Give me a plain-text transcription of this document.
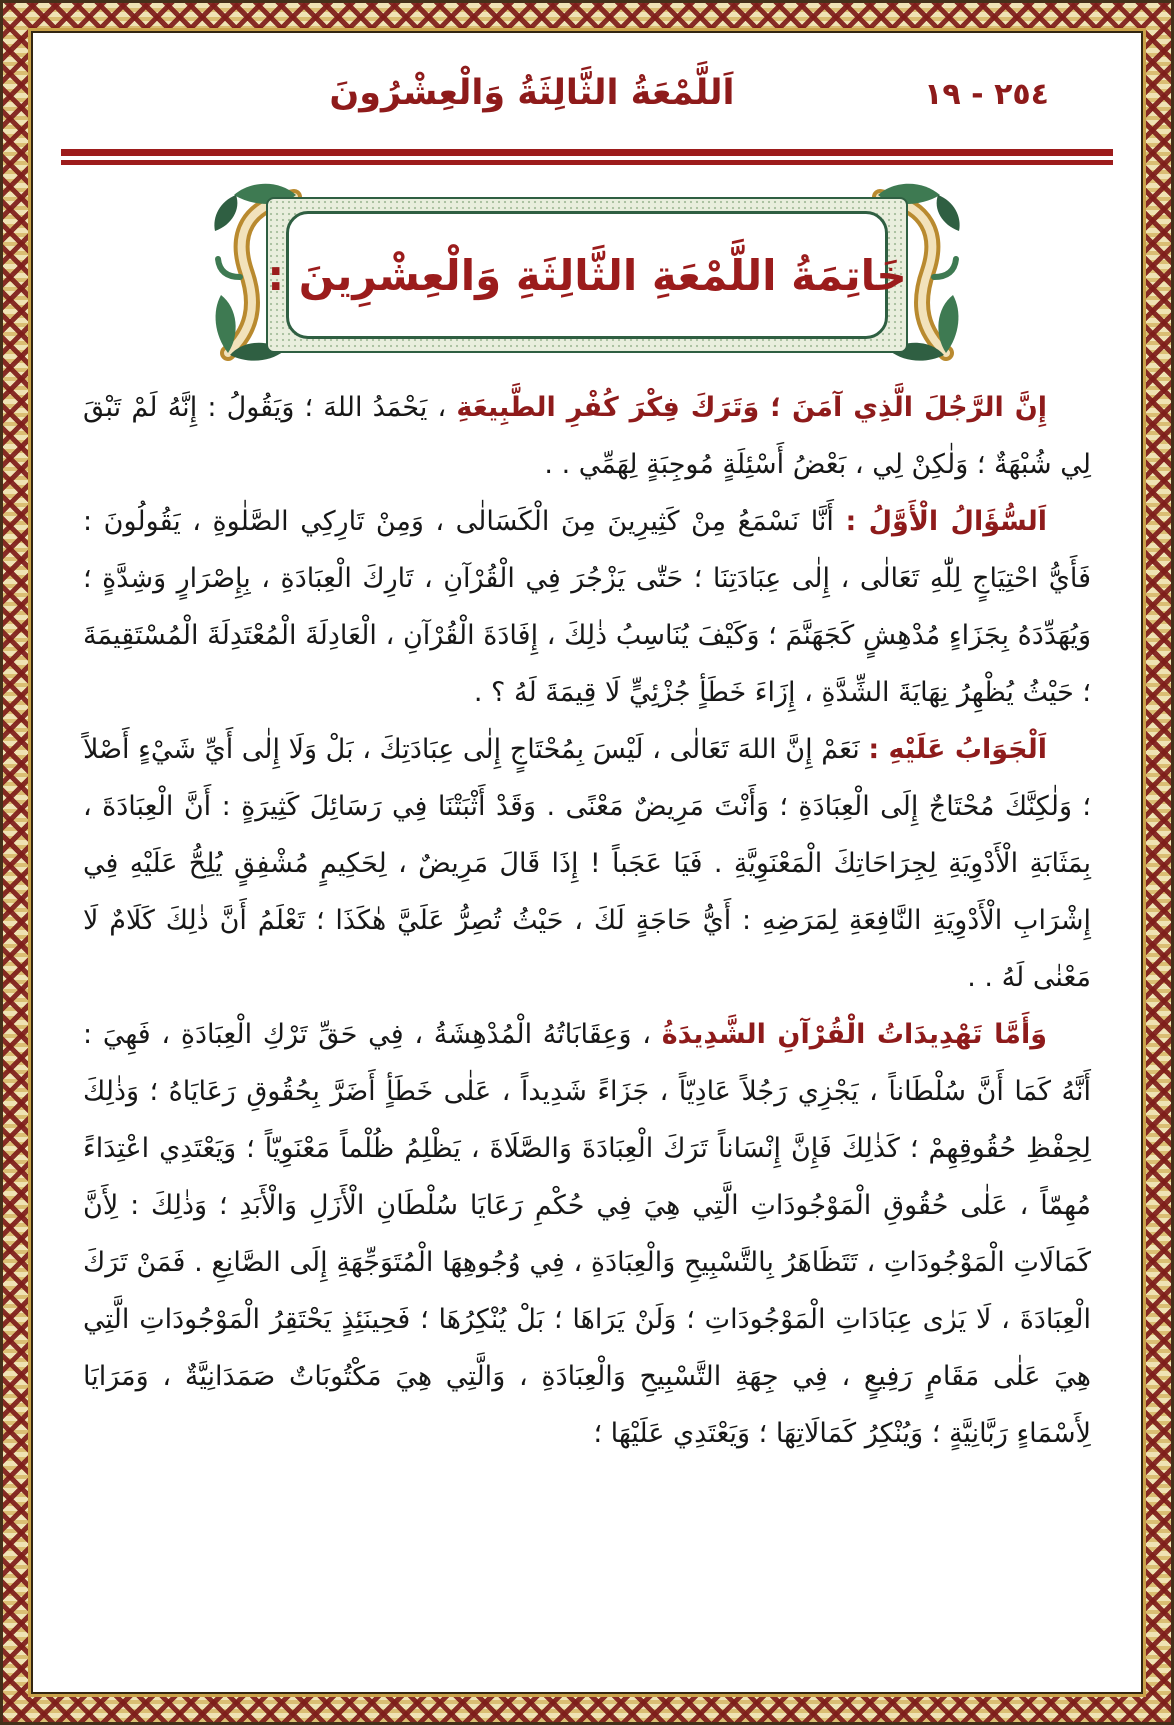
٢٥٤ - ١٩
اَللَّمْعَةُ الثَّالِثَةُ وَالْعِشْرُونَ
خَاتِمَةُ اللَّمْعَةِ الثَّالِثَةِ وَالْعِشْرِينَ :

إِنَّ الرَّجُلَ الَّذِي آمَنَ ؛ وَتَرَكَ فِكْرَ كُفْرِ الطَّبِيعَةِ ، يَحْمَدُ اللهَ ؛ وَيَقُولُ : إِنَّهُ لَمْ تَبْقَ لِي شُبْهَةٌ ؛ وَلٰكِنْ لِي ، بَعْضُ أَسْئِلَةٍ مُوجِبَةٍ لِهَمِّي . .

اَلسُّؤَالُ الْأَوَّلُ : أَنَّا نَسْمَعُ مِنْ كَثِيرِينَ مِنَ الْكَسَالٰى ، وَمِنْ تَارِكِي الصَّلٰوةِ ، يَقُولُونَ : فَأَيُّ احْتِيَاجٍ لِلّٰهِ تَعَالٰى ، إِلٰى عِبَادَتِنَا ؛ حَتّٰى يَزْجُرَ فِي الْقُرْآنِ ، تَارِكَ الْعِبَادَةِ ، بِإِصْرَارٍ وَشِدَّةٍ ؛ وَيُهَدِّدَهُ بِجَزَاءٍ مُدْهِشٍ كَجَهَنَّمَ ؛ وَكَيْفَ يُنَاسِبُ ذٰلِكَ ، إِفَادَةَ الْقُرْآنِ ، الْعَادِلَةَ الْمُعْتَدِلَةَ الْمُسْتَقِيمَةَ ؛ حَيْثُ يُظْهِرُ نِهَايَةَ الشِّدَّةِ ، إِزَاءَ خَطَأٍ جُزْئِيٍّ لَا قِيمَةَ لَهُ ؟ .

اَلْجَوَابُ عَلَيْهِ : نَعَمْ إِنَّ اللهَ تَعَالٰى ، لَيْسَ بِمُحْتَاجٍ إِلٰى عِبَادَتِكَ ، بَلْ وَلَا إِلٰى أَيِّ شَيْءٍ أَصْلاً ؛ وَلٰكِنَّكَ مُحْتَاجٌ إِلَى الْعِبَادَةِ ؛ وَأَنْتَ مَرِيضٌ مَعْنًى . وَقَدْ أَثْبَتْنَا فِي رَسَائِلَ كَثِيرَةٍ : أَنَّ الْعِبَادَةَ ، بِمَثَابَةِ الْأَدْوِيَةِ لِجِرَاحَاتِكَ الْمَعْنَوِيَّةِ . فَيَا عَجَباً ! إِذَا قَالَ مَرِيضٌ ، لِحَكِيمٍ مُشْفِقٍ يُلِحُّ عَلَيْهِ فِي إِشْرَابِ الْأَدْوِيَةِ النَّافِعَةِ لِمَرَضِهِ : أَيُّ حَاجَةٍ لَكَ ، حَيْثُ تُصِرُّ عَلَيَّ هٰكَذَا ؛ تَعْلَمُ أَنَّ ذٰلِكَ كَلَامٌ لَا مَعْنٰى لَهُ . .

وَأَمَّا تَهْدِيدَاتُ الْقُرْآنِ الشَّدِيدَةُ ، وَعِقَابَاتُهُ الْمُدْهِشَةُ ، فِي حَقِّ تَرْكِ الْعِبَادَةِ ، فَهِيَ : أَنَّهُ كَمَا أَنَّ سُلْطَاناً ، يَجْزِي رَجُلاً عَادِيّاً ، جَزَاءً شَدِيداً ، عَلٰى خَطَأٍ أَضَرَّ بِحُقُوقِ رَعَايَاهُ ؛ وَذٰلِكَ لِحِفْظِ حُقُوقِهِمْ ؛ كَذٰلِكَ فَإِنَّ إِنْسَاناً تَرَكَ الْعِبَادَةَ وَالصَّلَاةَ ، يَظْلِمُ ظُلْماً مَعْنَوِيّاً ؛ وَيَعْتَدِي اعْتِدَاءً مُهِمّاً ، عَلٰى حُقُوقِ الْمَوْجُودَاتِ الَّتِي هِيَ فِي حُكْمِ رَعَايَا سُلْطَانِ الْأَزَلِ وَالْأَبَدِ ؛ وَذٰلِكَ : لِأَنَّ كَمَالَاتِ الْمَوْجُودَاتِ ، تَتَظَاهَرُ بِالتَّسْبِيحِ وَالْعِبَادَةِ ، فِي وُجُوهِهَا الْمُتَوَجِّهَةِ إِلَى الصَّانِعِ . فَمَنْ تَرَكَ الْعِبَادَةَ ، لَا يَرٰى عِبَادَاتِ الْمَوْجُودَاتِ ؛ وَلَنْ يَرَاهَا ؛ بَلْ يُنْكِرُهَا ؛ فَحِينَئِذٍ يَحْتَقِرُ الْمَوْجُودَاتِ الَّتِي هِيَ عَلٰى مَقَامٍ رَفِيعٍ ، فِي جِهَةِ التَّسْبِيحِ وَالْعِبَادَةِ ، وَالَّتِي هِيَ مَكْتُوبَاتٌ صَمَدَانِيَّةٌ ، وَمَرَايَا لِأَسْمَاءٍ رَبَّانِيَّةٍ ؛ وَيُنْكِرُ كَمَالَاتِهَا ؛ وَيَعْتَدِي عَلَيْهَا ؛
